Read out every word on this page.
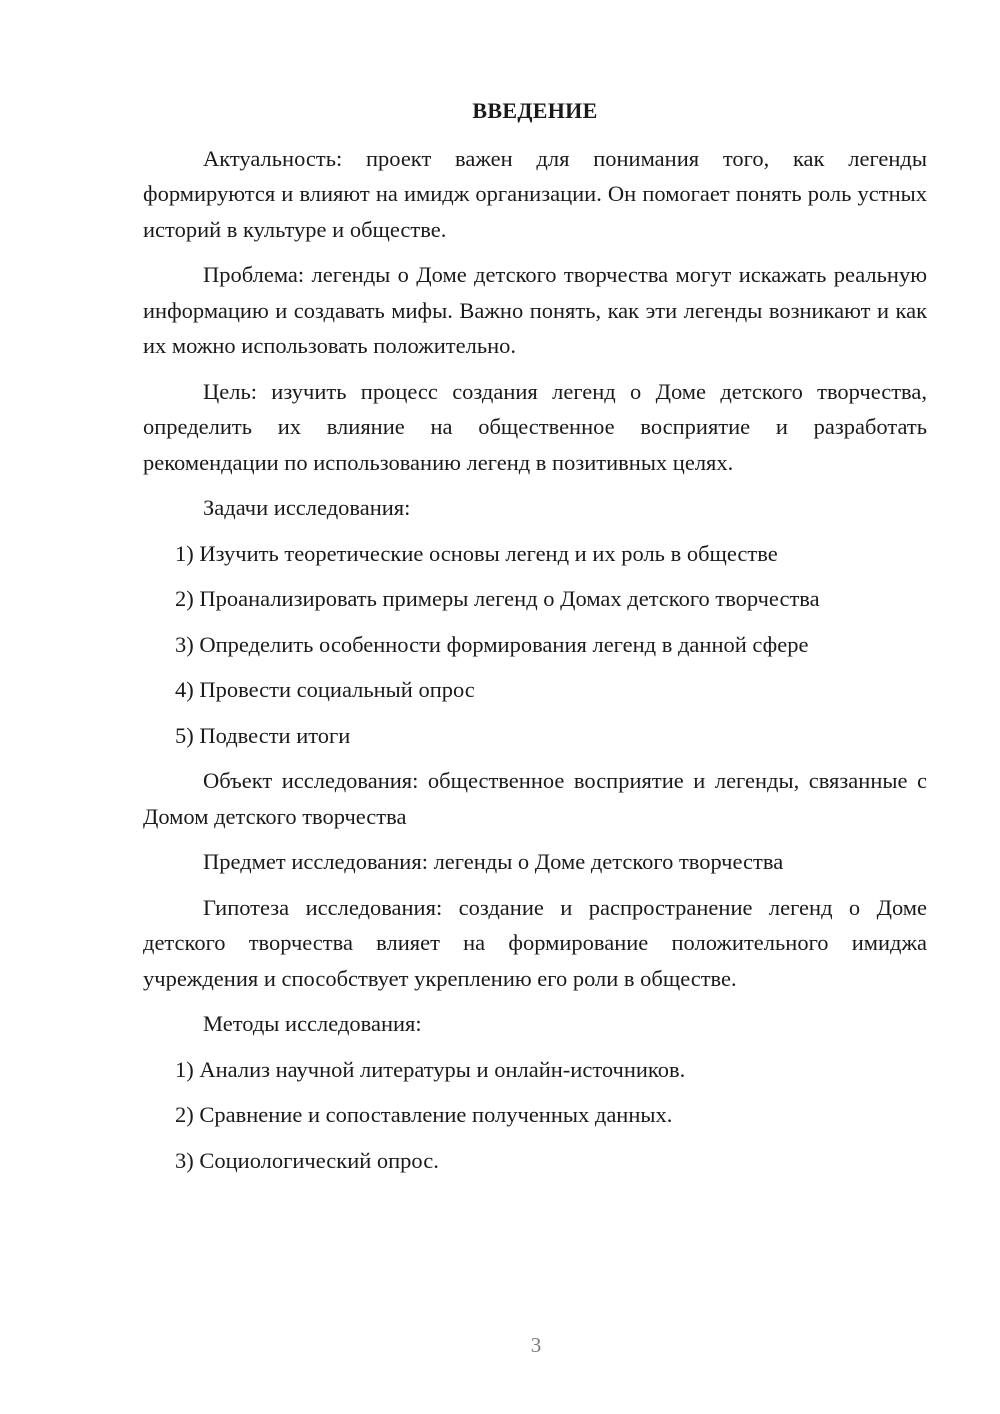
ВВЕДЕНИЕ

Актуальность: проект важен для понимания того, как легенды формируются и влияют на имидж организации. Он помогает понять роль устных историй в культуре и обществе.

Проблема: легенды о Доме детского творчества могут искажать реальную информацию и создавать мифы. Важно понять, как эти легенды возникают и как их можно использовать положительно.

Цель: изучить процесс создания легенд о Доме детского творчества, определить их влияние на общественное восприятие и разработать рекомендации по использованию легенд в позитивных целях.

Задачи исследования:

1) Изучить теоретические основы легенд и их роль в обществе
2) Проанализировать примеры легенд о Домах детского творчества
3) Определить особенности формирования легенд в данной сфере
4) Провести социальный опрос
5) Подвести итоги

Объект исследования: общественное восприятие и легенды, связанные с Домом детского творчества

Предмет исследования: легенды о Доме детского творчества

Гипотеза исследования: создание и распространение легенд о Доме детского творчества влияет на формирование положительного имиджа учреждения и способствует укреплению его роли в обществе.

Методы исследования:

1) Анализ научной литературы и онлайн-источников.
2) Сравнение и сопоставление полученных данных.
3) Социологический опрос.
3
